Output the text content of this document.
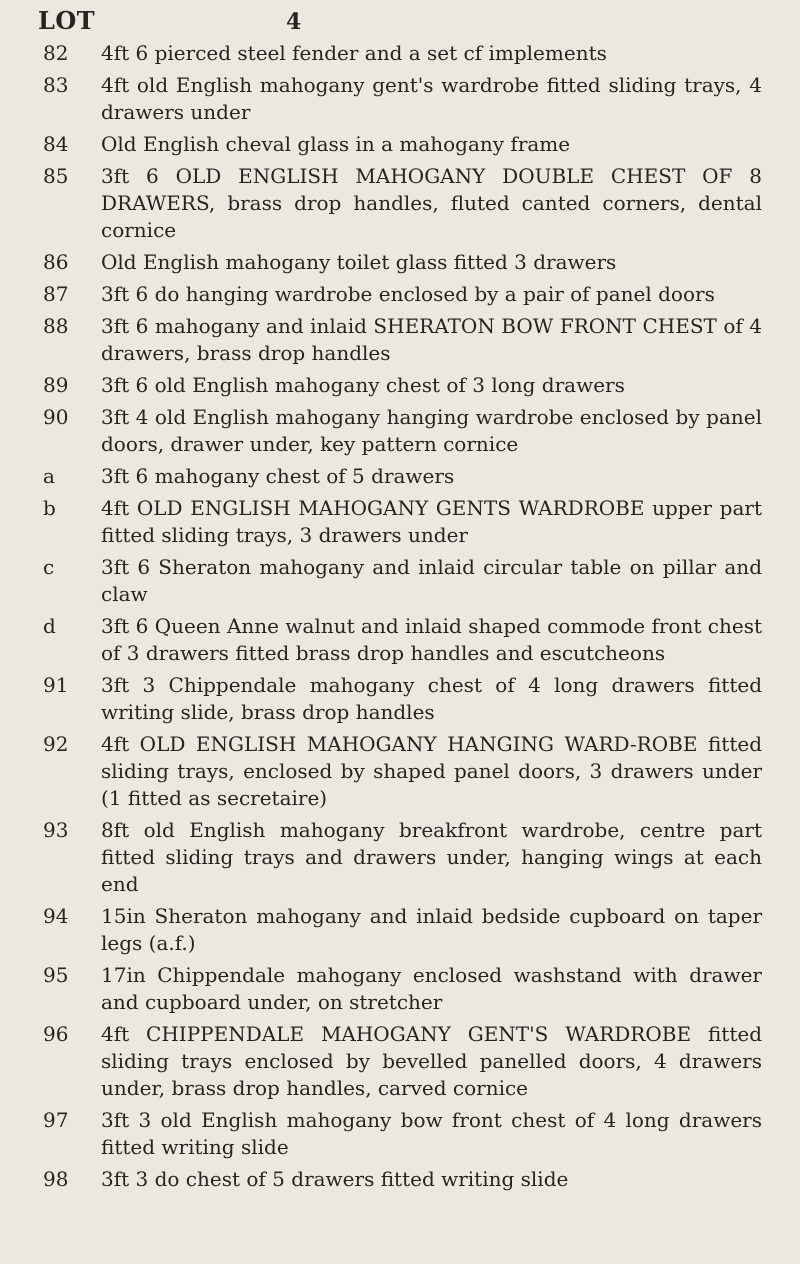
LOT	4
82	4ft 6 pierced steel fender and a set cf implements
83	4ft old English mahogany gent's wardrobe fitted sliding trays, 4 drawers under
84	Old English cheval glass in a mahogany frame
85	3ft 6 OLD ENGLISH MAHOGANY DOUBLE CHEST OF 8 DRAWERS, brass drop handles, fluted canted corners, dental cornice
86	Old English mahogany toilet glass fitted 3 drawers
87	3ft 6 do hanging wardrobe enclosed by a pair of panel doors
88	3ft 6 mahogany and inlaid SHERATON BOW FRONT CHEST of 4 drawers, brass drop handles
89	3ft 6 old English mahogany chest of 3 long drawers
90	3ft 4 old English mahogany hanging wardrobe enclosed by panel doors, drawer under, key pattern cornice
a	3ft 6 mahogany chest of 5 drawers
b	4ft OLD ENGLISH MAHOGANY GENTS WARDROBE upper part fitted sliding trays, 3 drawers under
c	3ft 6 Sheraton mahogany and inlaid circular table on pillar and claw
d	3ft 6 Queen Anne walnut and inlaid shaped commode front chest of 3 drawers fitted brass drop handles and escutcheons
91	3ft 3 Chippendale mahogany chest of 4 long drawers fitted writing slide, brass drop handles
92	4ft OLD ENGLISH MAHOGANY HANGING WARD-ROBE fitted sliding trays, enclosed by shaped panel doors, 3 drawers under (1 fitted as secretaire)
93	8ft old English mahogany breakfront wardrobe, centre part fitted sliding trays and drawers under, hanging wings at each end
94	15in Sheraton mahogany and inlaid bedside cupboard on taper legs (a.f.)
95	17in Chippendale mahogany enclosed washstand with drawer and cupboard under, on stretcher
96	4ft CHIPPENDALE MAHOGANY GENT'S WARDROBE fitted sliding trays enclosed by bevelled panelled doors, 4 drawers under, brass drop handles, carved cornice
97	3ft 3 old English mahogany bow front chest of 4 long drawers fitted writing slide
98	3ft 3 do chest of 5 drawers fitted writing slide
